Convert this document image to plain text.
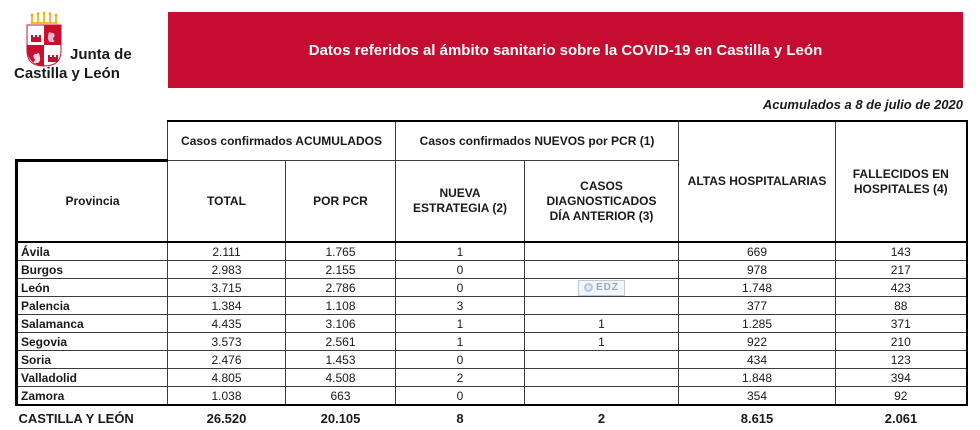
Junta de
Castilla y León
Datos referidos al ámbito sanitario sobre la COVID-19 en Castilla y León
Acumulados a 8 de julio de 2020
	Casos confirmados ACUMULADOS		Casos confirmados NUEVOS por PCR (1)		ALTAS HOSPITALARIAS	FALLECIDOS EN HOSPITALES (4)
Provincia	TOTAL	POR PCR	NUEVA ESTRATEGIA (2)	CASOS DIAGNOSTICADOS DÍA ANTERIOR (3)		
Ávila	2.111	1.765	1		669	143
Burgos	2.983	2.155	0		978	217
León	3.715	2.786	0	EDZ	1.748	423
Palencia	1.384	1.108	3		377	88
Salamanca	4.435	3.106	1	1	1.285	371
Segovia	3.573	2.561	1	1	922	210
Soria	2.476	1.453	0		434	123
Valladolid	4.805	4.508	2		1.848	394
Zamora	1.038	663	0		354	92
CASTILLA Y LEÓN	26.520	20.105	8	2	8.615	2.061
